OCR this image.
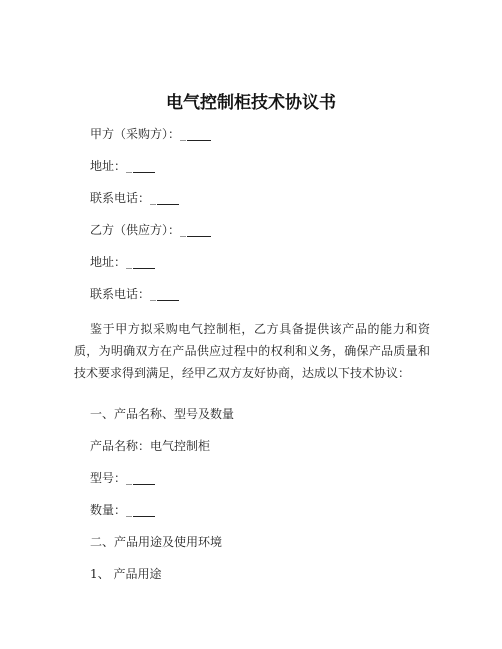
电气控制柜技术协议书
甲方（采购方）：_
地址：_
联系电话：_
乙方（供应方）：_
地址：_
联系电话：_
鉴于甲方拟采购电气控制柜，乙方具备提供该产品的能力和资质，为明确双方在产品供应过程中的权利和义务，确保产品质量和技术要求得到满足，经甲乙双方友好协商，达成以下技术协议：
一、产品名称、型号及数量
产品名称：电气控制柜
型号：_
数量：_
二、产品用途及使用环境
1、 产品用途
